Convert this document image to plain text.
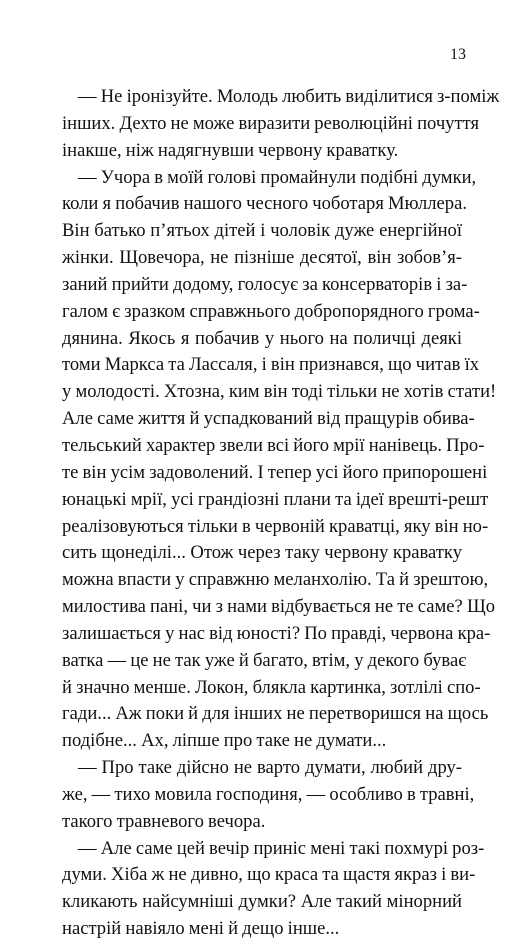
13
— Не іронізуйте. Молодь любить виділитися з-поміж
інших. Дехто не може виразити революційні почуття
інакше, ніж надягнувши червону краватку.
— Учора в моїй голові промайнули подібні думки,
коли я побачив нашого чесного чоботаря Мюллера.
Він батько п’ятьох дітей і чоловік дуже енергійної
жінки. Щовечора, не пізніше десятої, він зобов’я-
заний прийти додому, голосує за консерваторів і за-
галом є зразком справжнього добропорядного грома-
дянина. Якось я побачив у нього на поличці деякі
томи Маркса та Лассаля, і він признався, що читав їх
у молодості. Хтозна, ким він тоді тільки не хотів стати!
Але саме життя й успадкований від пращурів обива-
тельський характер звели всі його мрії нанівець. Про-
те він усім задоволений. І тепер усі його припорошені
юнацькі мрії, усі грандіозні плани та ідеї врешті-решт
реалізовуються тільки в червоній краватці, яку він но-
сить щонеділі... Отож через таку червону краватку
можна впасти у справжню меланхолію. Та й зрештою,
милостива пані, чи з нами відбувається не те саме? Що
залишається у нас від юності? По правді, червона кра-
ватка — це не так уже й багато, втім, у декого буває
й значно менше. Локон, бляклa картинка, зотлілі спо-
гади... Аж поки й для інших не перетворишся на щось
подібне... Ах, ліпше про таке не думати...
— Про таке дійсно не варто думати, любий дру-
же, — тихо мовила господиня, — особливо в травні,
такого травневого вечора.
— Але саме цей вечір приніс мені такі похмурі роз-
думи. Хіба ж не дивно, що краса та щастя якраз і ви-
кликають найсумніші думки? Але такий мінорний
настрій навіяло мені й дещо інше...
